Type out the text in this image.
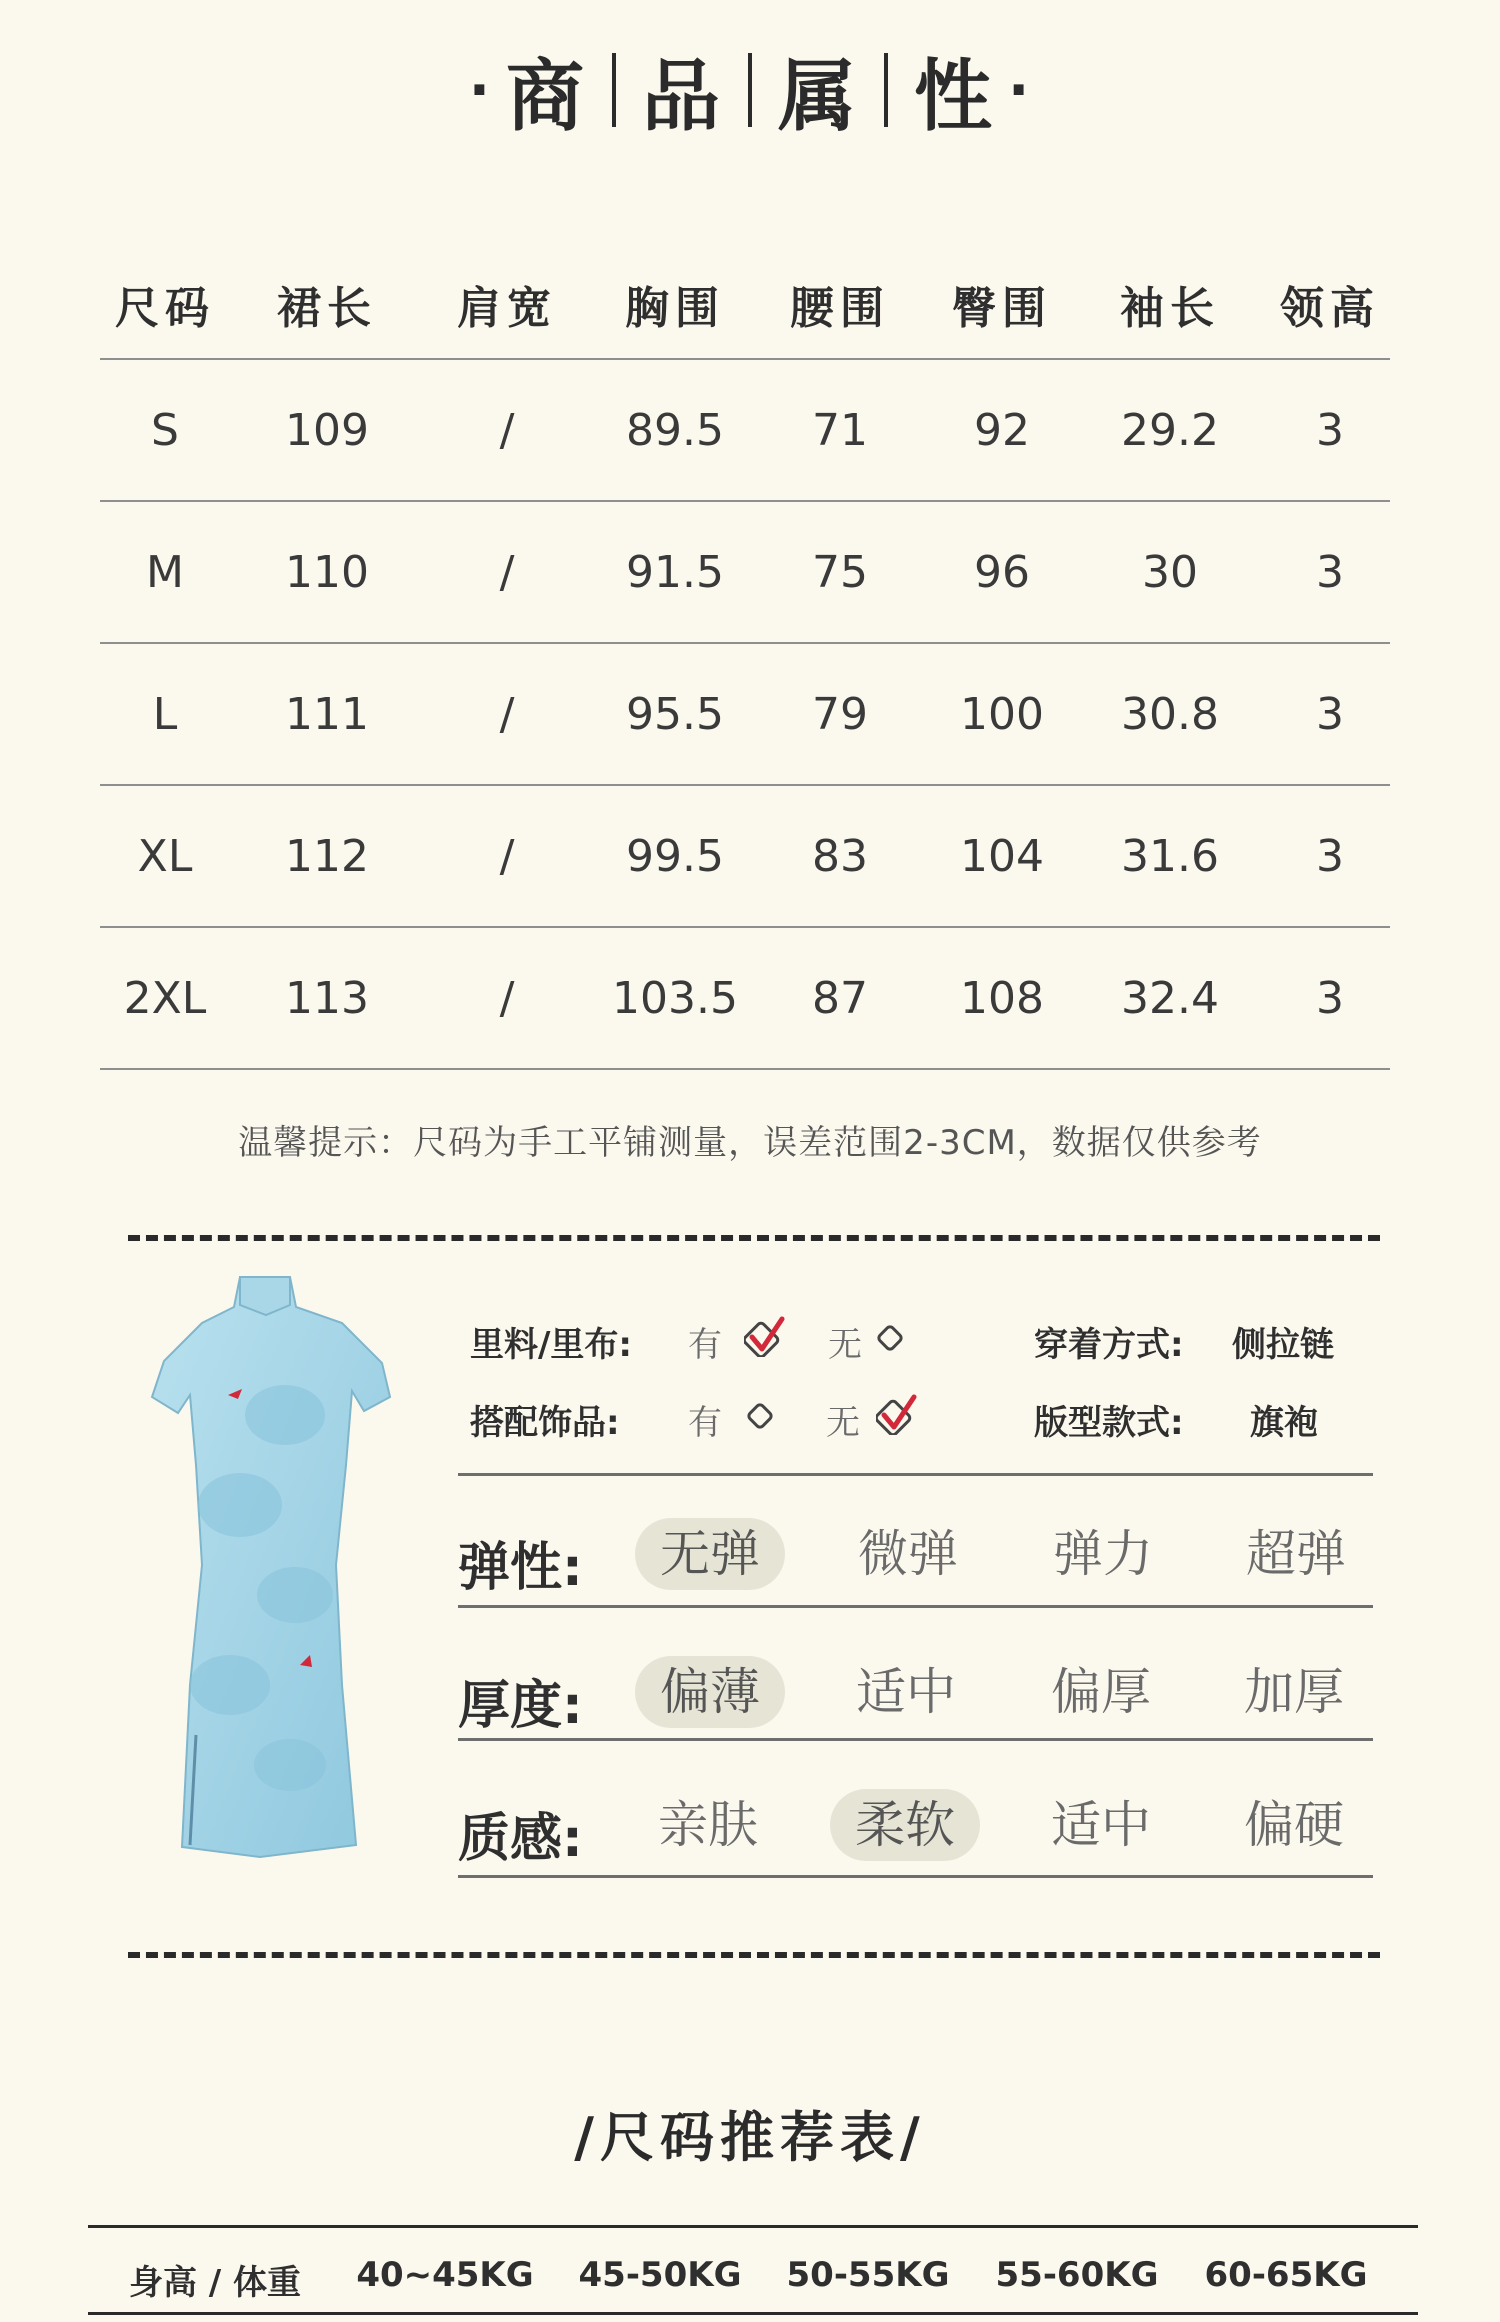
· 商 品 属 性 ·
尺码 裙长 肩宽 胸围 腰围 臀围 袖长 领高
S 109	/	89.5 71 92 29.2 3
M 110	/	91.5 75 96	30	3
L 111	/	95.5 79 100 30.8 3
XL 112	/	99.5 83 104 31.6 3
2XL 113	/ 103.5 87 108 32.4 3
温馨提示：尺码为手工平铺测量，误差范围2-3CM，数据仅供参考
里料/里布: 有	无
搭配饰品: 有	无
穿着方式: 侧拉链
版型款式: 旗袍
弹性:	无弹	微弹	弹力	超弹
厚度:	偏薄	适中	偏厚	加厚
质感:	亲肤	柔软	适中	偏硬
/尺码推荐表/
身高 / 体重 40~45KG 45-50KG 50-55KG 55-60KG 60-65KG
